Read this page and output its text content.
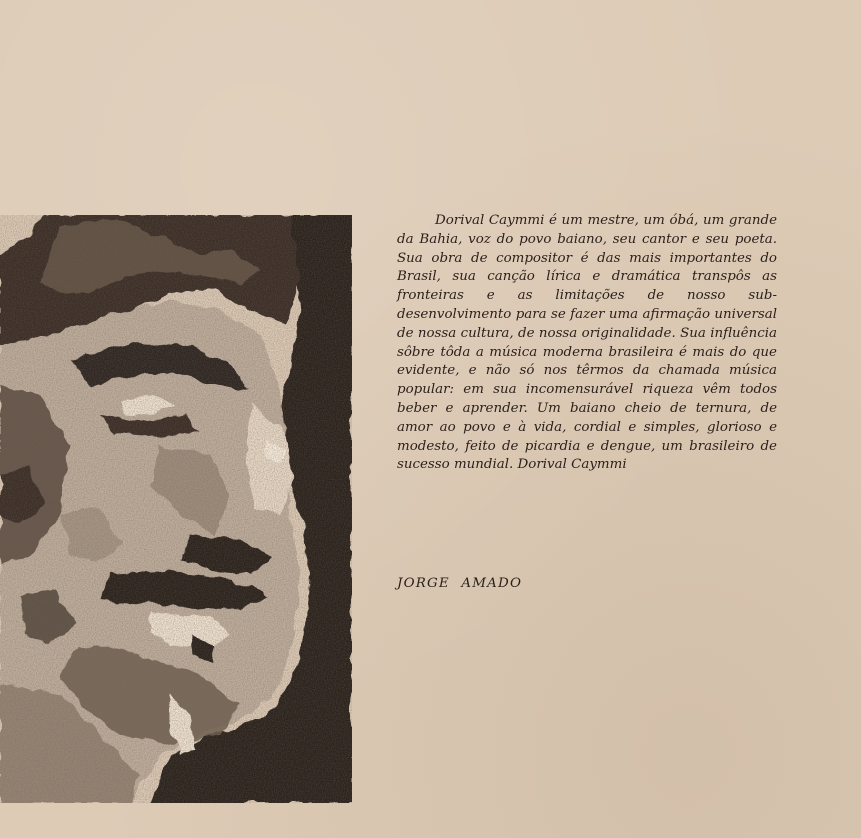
Dorival Caymmi é um mestre, um óbá, um grande da Bahia, voz do povo baiano, seu cantor e seu poeta. Sua obra de compositor é das mais importantes do Brasil, sua canção lírica e dramática transpôs as fronteiras e as limitações de nosso sub-desenvolvimento para se fazer uma afirmação universal de nossa cultura, de nossa originalidade. Sua influência sôbre tôda a música moderna brasileira é mais do que evidente, e não só nos têrmos da chamada música popular: em sua incomensurável riqueza vêm todos beber e aprender. Um baiano cheio de ternura, de amor ao povo e à vida, cordial e simples, glorioso e modesto, feito de picardia e dengue, um brasileiro de sucesso mundial. Dorival Caymmi

JORGE AMADO
